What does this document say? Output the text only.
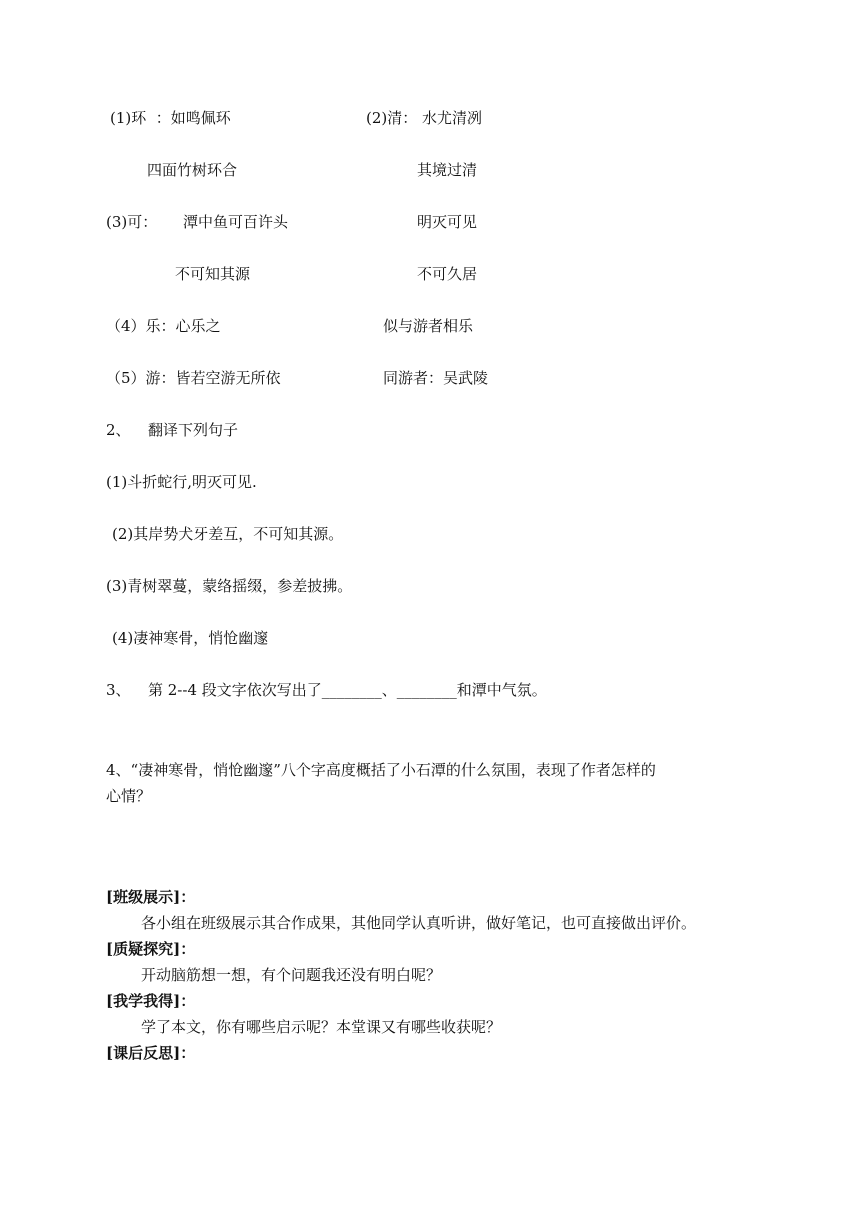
(1)环  ：如鸣佩环	(2)清： 水尤清冽
四面竹树环合	其境过清
(3)可： 潭中鱼可百许头	明灭可见
不可知其源	不可久居
（4）乐：心乐之	似与游者相乐
（5）游：皆若空游无所依	同游者：吴武陵
2、 翻译下列句子
(1)斗折蛇行,明灭可见.
(2)其岸势犬牙差互，不可知其源。
(3)青树翠蔓，蒙络摇缀，参差披拂。
(4)凄神寒骨，悄怆幽邃
3、 第 2--4 段文字依次写出了________、________和潭中气氛。
4、“凄神寒骨，悄怆幽邃”八个字高度概括了小石潭的什么氛围，表现了作者怎样的
心情？
[班级展示]：
各小组在班级展示其合作成果，其他同学认真听讲，做好笔记，也可直接做出评价。
[质疑探究]：
开动脑筋想一想，有个问题我还没有明白呢？
[我学我得]：
学了本文，你有哪些启示呢？本堂课又有哪些收获呢？
[课后反思]：
